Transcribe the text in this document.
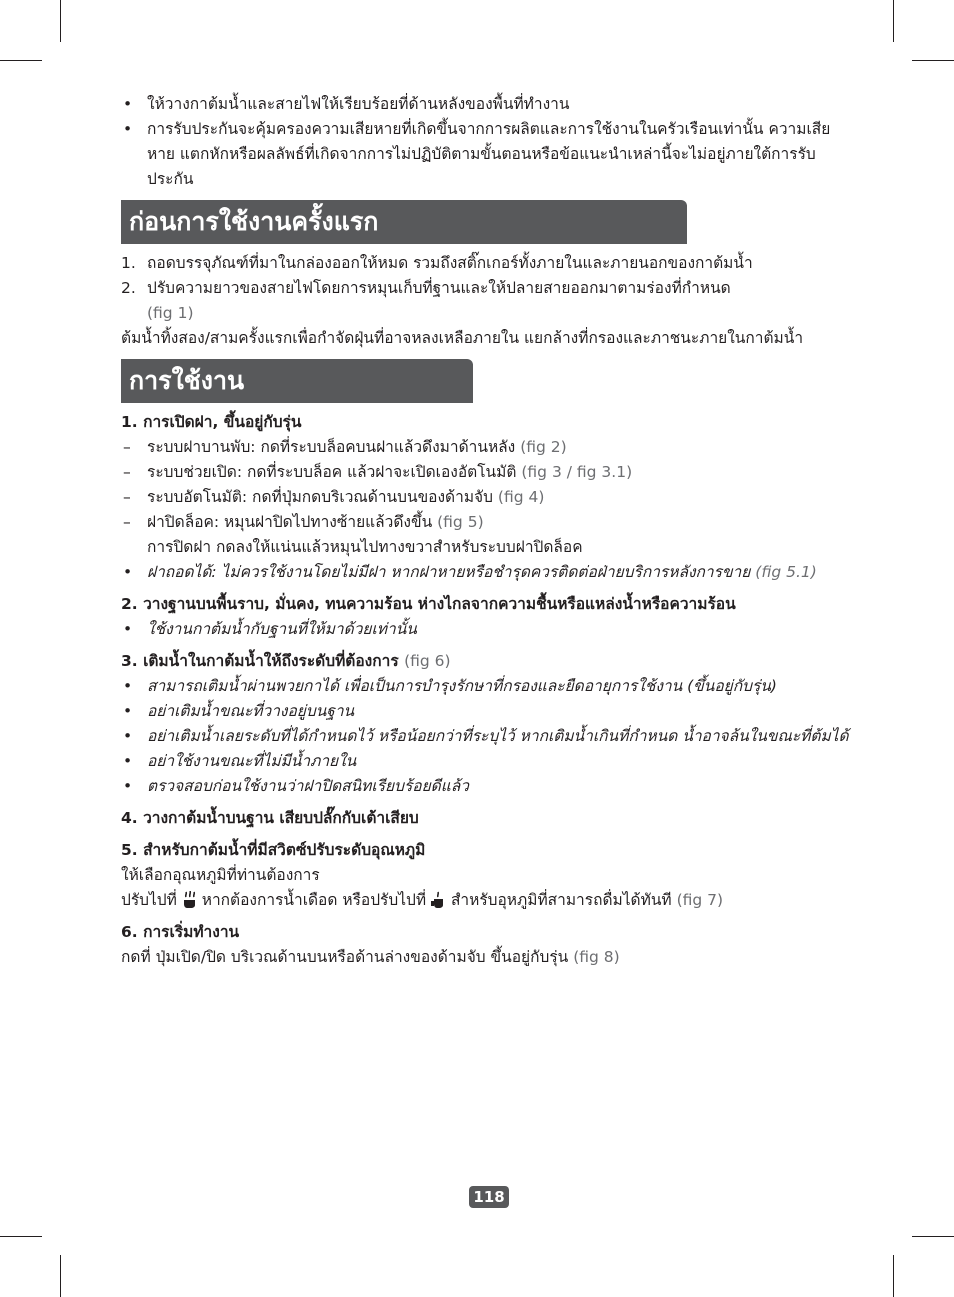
• ให้วางกาต้มน้ำและสายไฟให้เรียบร้อยที่ด้านหลังของพื้นที่ทำงาน
• การรับประกันจะคุ้มครองความเสียหายที่เกิดขึ้นจากการผลิตและการใช้งานในครัวเรือนเท่านั้น ความเสียหาย แตกหักหรือผลลัพธ์ที่เกิดจากการไม่ปฏิบัติตามขั้นตอนหรือข้อแนะนำเหล่านี้จะไม่อยู่ภายใต้การรับประกัน
ก่อนการใช้งานครั้งแรก
1. ถอดบรรจุภัณฑ์ที่มาในกล่องออกให้หมด รวมถึงสติ๊กเกอร์ทั้งภายในและภายนอกของกาต้มน้ำ
2. ปรับความยาวของสายไฟโดยการหมุนเก็บที่ฐานและให้ปลายสายออกมาตามร่องที่กำหนด
(fig 1)
ต้มน้ำทิ้งสอง/สามครั้งแรกเพื่อกำจัดฝุ่นที่อาจหลงเหลือภายใน แยกล้างที่กรองและภาชนะภายในกาต้มน้ำ
การใช้งาน
1. การเปิดฝา, ขึ้นอยู่กับรุ่น
– ระบบฝาบานพับ: กดที่ระบบล็อคบนฝาแล้วดึงมาด้านหลัง (fig 2)
– ระบบช่วยเปิด: กดที่ระบบล็อค แล้วฝาจะเปิดเองอัตโนมัติ (fig 3 / fig 3.1)
– ระบบอัตโนมัติ: กดที่ปุ่มกดบริเวณด้านบนของด้ามจับ (fig 4)
– ฝาปิดล็อค: หมุนฝาปิดไปทางซ้ายแล้วดึงขึ้น (fig 5)
การปิดฝา กดลงให้แน่นแล้วหมุนไปทางขวาสำหรับระบบฝาปิดล็อค
• ฝาถอดได้: ไม่ควรใช้งานโดยไม่มีฝา หากฝาหายหรือชำรุดควรติดต่อฝ่ายบริการหลังการขาย (fig 5.1)
2. วางฐานบนพื้นราบ, มั่นคง, ทนความร้อน ห่างไกลจากความชื้นหรือแหล่งน้ำหรือความร้อน
• ใช้งานกาต้มน้ำกับฐานที่ให้มาด้วยเท่านั้น
3. เติมน้ำในกาต้มน้ำให้ถึงระดับที่ต้องการ (fig 6)
• สามารถเติมน้ำผ่านพวยกาได้ เพื่อเป็นการบำรุงรักษาที่กรองและยืดอายุการใช้งาน (ขึ้นอยู่กับรุ่น)
• อย่าเติมน้ำขณะที่วางอยู่บนฐาน
• อย่าเติมน้ำเลยระดับที่ได้กำหนดไว้ หรือน้อยกว่าที่ระบุไว้ หากเติมน้ำเกินที่กำหนด น้ำอาจล้นในขณะที่ต้มได้
• อย่าใช้งานขณะที่ไม่มีน้ำภายใน
• ตรวจสอบก่อนใช้งานว่าฝาปิดสนิทเรียบร้อยดีแล้ว
4. วางกาต้มน้ำบนฐาน เสียบปลั๊กกับเต้าเสียบ
5. สำหรับกาต้มน้ำที่มีสวิตซ์ปรับระดับอุณหภูมิ
ให้เลือกอุณหภูมิที่ท่านต้องการ
ปรับไปที่ หากต้องการน้ำเดือด หรือปรับไปที่ สำหรับอุหภูมิที่สามารถดื่มได้ทันที (fig 7)
6. การเริ่มทำงาน
กดที่ ปุ่มเปิด/ปิด บริเวณด้านบนหรือด้านล่างของด้ามจับ ขึ้นอยู่กับรุ่น (fig 8)
118
